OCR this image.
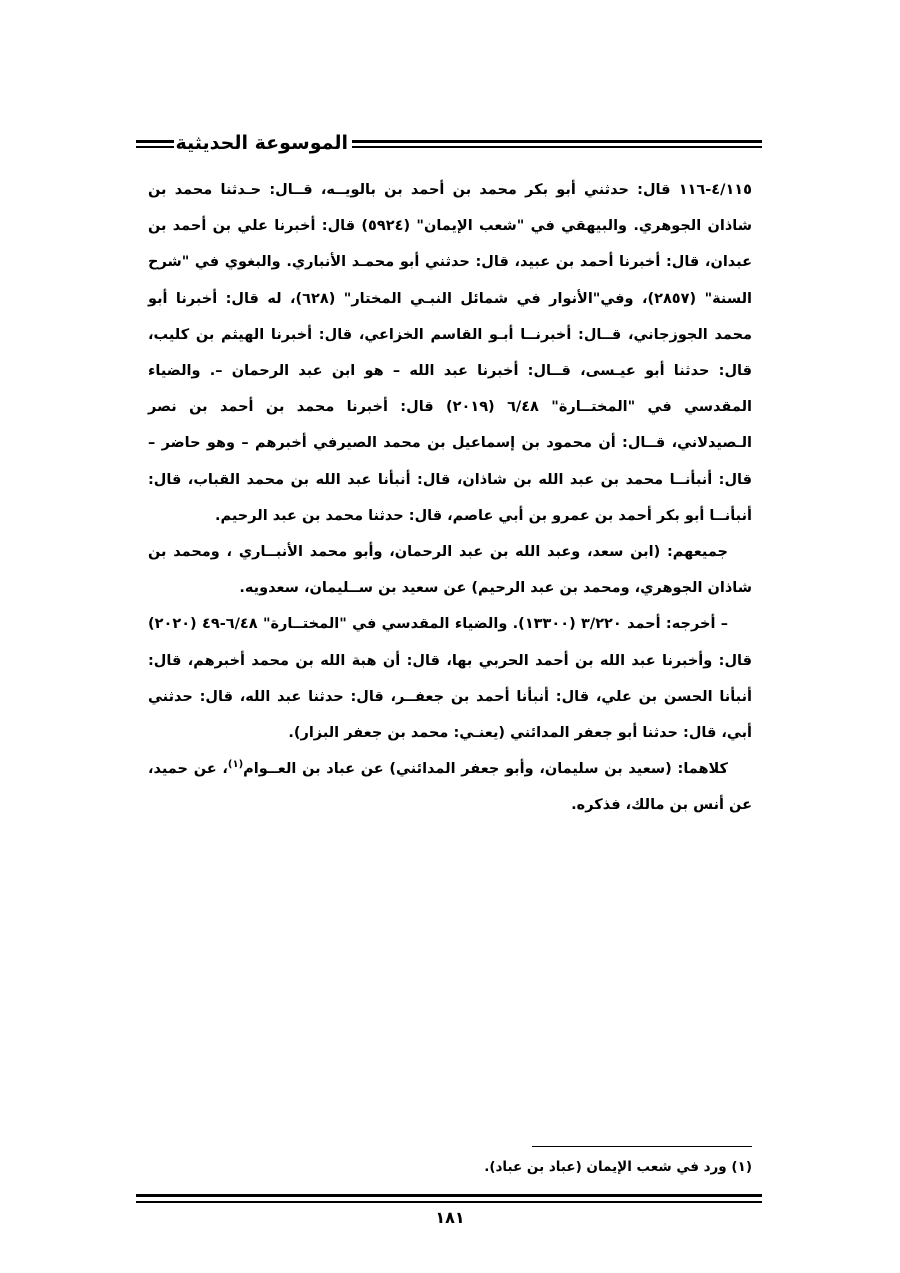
الموسوعة الحديثية

٤/١١٥-١١٦ قال: حدثني أبو بكر محمد بن أحمد بن بالويــه، قــال: حـدثنا محمد بن شاذان الجوهري. والبيهقي في "شعب الإيمان" (٥٩٢٤) قال: أخبرنا علي بن أحمد بن عبدان، قال: أخبرنا أحمد بن عبيد، قال: حدثني أبو محمـد الأنباري. والبغوي في "شرح السنة" (٢٨٥٧)، وفي"الأنوار في شمائل النبـي المختار" (٦٢٨)، له قال: أخبرنا أبو محمد الجوزجاني، قــال: أخبرنــا أبـو القاسم الخزاعي، قال: أخبرنا الهيثم بن كليب، قال: حدثنا أبو عيـسى، قــال: أخبرنا عبد الله – هو ابن عبد الرحمان –. والضياء المقدسي في "المختــارة" ٦/٤٨ (٢٠١٩) قال: أخبرنا محمد بن أحمد بن نصر الـصيدلاني، قــال: أن محمود بن إسماعيل بن محمد الصيرفي أخبرهم – وهو حاضر – قال: أنبأنــا محمد بن عبد الله بن شاذان، قال: أنبأنا عبد الله بن محمد القباب، قال: أنبأنــا أبو بكر أحمد بن عمرو بن أبي عاصم، قال: حدثنا محمد بن عبد الرحيم.

جميعهم: (ابن سعد، وعبد الله بن عبد الرحمان، وأبو محمد الأنبــاري ، ومحمد بن شاذان الجوهري، ومحمد بن عبد الرحيم) عن سعيد بن ســليمان، سعدويه.

– أخرجه: أحمد ٣/٢٢٠ (١٣٣٠٠). والضياء المقدسي في "المختــارة" ٦/٤٨-٤٩ (٢٠٢٠) قال: وأخبرنا عبد الله بن أحمد الحربي بها، قال: أن هبة الله بن محمد أخبرهم، قال: أنبأنا الحسن بن علي، قال: أنبأنا أحمد بن جعفــر، قال: حدثنا عبد الله، قال: حدثني أبي، قال: حدثنا أبو جعفر المدائني (يعنـي: محمد بن جعفر البزار).

كلاهما: (سعيد بن سليمان، وأبو جعفر المدائني) عن عباد بن العــوام$^{(١)}$، عن حميد، عن أنس بن مالك، فذكره.

(١) ورد في شعب الإيمان (عباد بن عباد).
١٨١
